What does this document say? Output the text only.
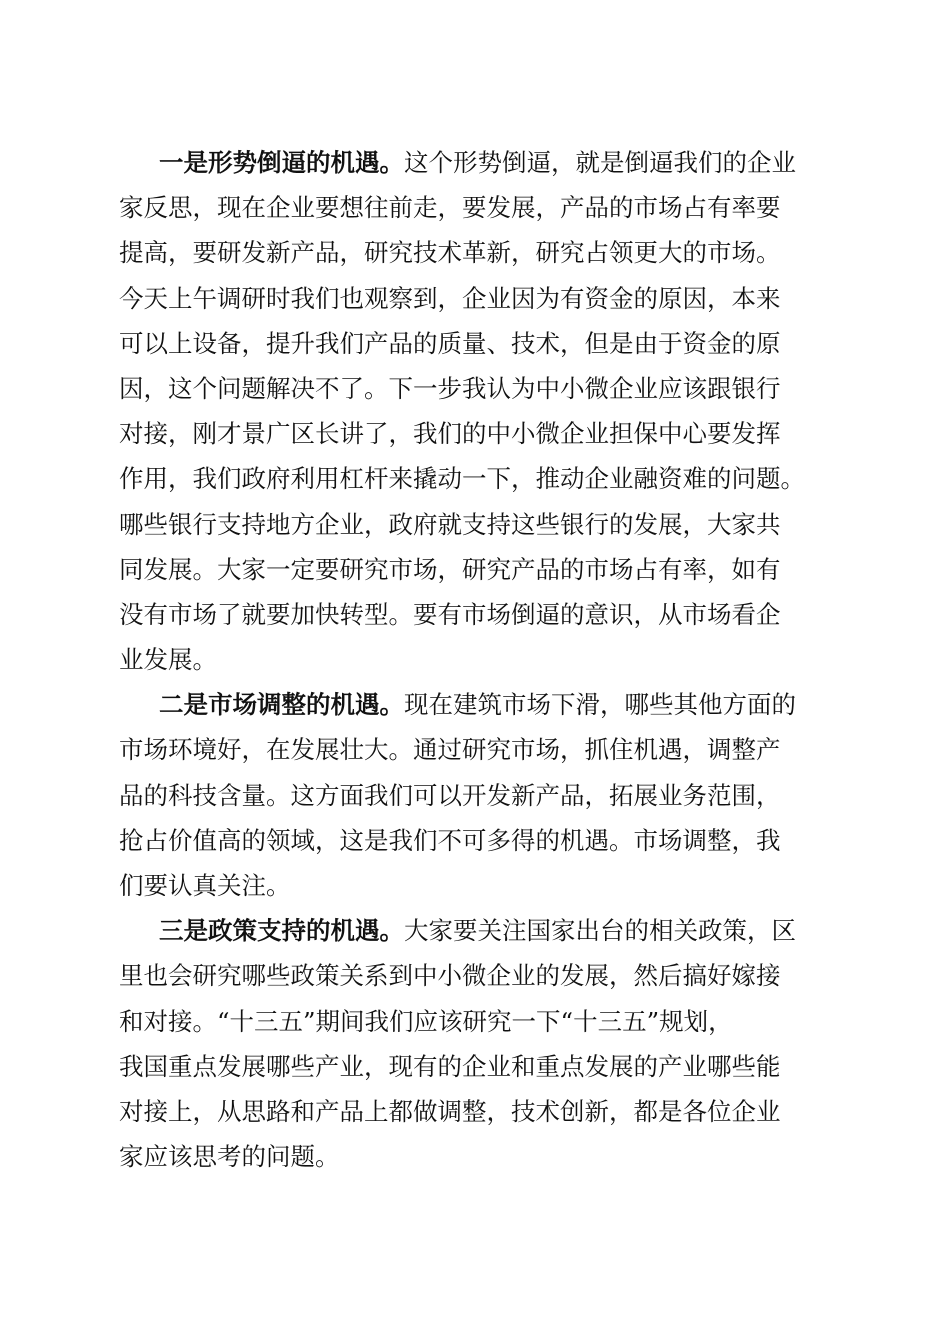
一是形势倒逼的机遇。这个形势倒逼，就是倒逼我们的企业
家反思，现在企业要想往前走，要发展，产品的市场占有率要
提高，要研发新产品，研究技术革新，研究占领更大的市场。
今天上午调研时我们也观察到，企业因为有资金的原因，本来
可以上设备，提升我们产品的质量、技术，但是由于资金的原
因，这个问题解决不了。下一步我认为中小微企业应该跟银行
对接，刚才景广区长讲了，我们的中小微企业担保中心要发挥
作用，我们政府利用杠杆来撬动一下，推动企业融资难的问题。
哪些银行支持地方企业，政府就支持这些银行的发展，大家共
同发展。大家一定要研究市场，研究产品的市场占有率，如有
没有市场了就要加快转型。要有市场倒逼的意识，从市场看企
业发展。
二是市场调整的机遇。现在建筑市场下滑，哪些其他方面的
市场环境好，在发展壮大。通过研究市场，抓住机遇，调整产
品的科技含量。这方面我们可以开发新产品，拓展业务范围，
抢占价值高的领域，这是我们不可多得的机遇。市场调整，我
们要认真关注。
三是政策支持的机遇。大家要关注国家出台的相关政策，区
里也会研究哪些政策关系到中小微企业的发展，然后搞好嫁接
和对接。“十三五”期间我们应该研究一下“十三五”规划，
我国重点发展哪些产业，现有的企业和重点发展的产业哪些能
对接上，从思路和产品上都做调整，技术创新，都是各位企业
家应该思考的问题。
